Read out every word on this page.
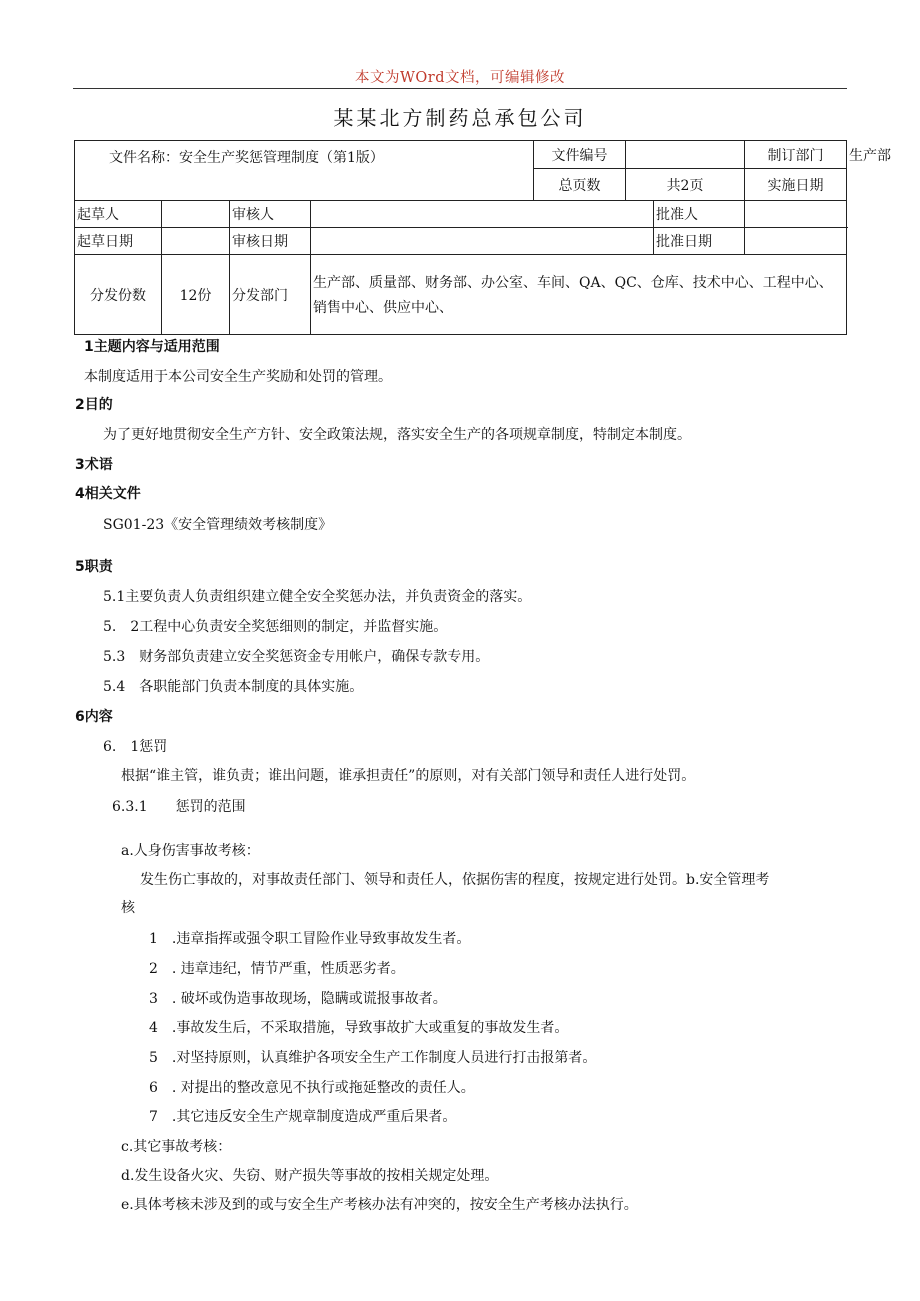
本文为WOrd文档，可编辑修改
某某北方制药总承包公司
文件名称：安全生产奖惩管理制度（第1版）				文件编号			制订部门	生产部
				总页数	共2页		实施日期	
起草人		审核人				批准人		
起草日期		审核日期				批准日期		
分发份数	12份	分发部门	生产部、质量部、财务部、办公室、车间、QA、QC、仓库、技术中心、工程中心、销售中心、供应中心、					
1主题内容与适用范围
本制度适用于本公司安全生产奖励和处罚的管理。
2目的
为了更好地贯彻安全生产方针、安全政策法规，落实安全生产的各项规章制度，特制定本制度。
3术语
4相关文件
SG01-23《安全管理绩效考核制度》
5职责
5.1主要负责人负责组织建立健全安全奖惩办法，并负责资金的落实。
5.　2工程中心负责安全奖惩细则的制定，并监督实施。
5.3　财务部负责建立安全奖惩资金专用帐户，确保专款专用。
5.4　各职能部门负责本制度的具体实施。
6内容
6.　1惩罚
根据“谁主管，谁负责；谁出问题，谁承担责任”的原则，对有关部门领导和责任人进行处罚。
6.3.1　　惩罚的范围
a.人身伤害事故考核：
发生伤亡事故的，对事故责任部门、领导和责任人，依据伤害的程度，按规定进行处罚。b.安全管理考
核
1　.违章指挥或强令职工冒险作业导致事故发生者。
2　. 违章违纪，情节严重，性质恶劣者。
3　. 破坏或伪造事故现场，隐瞒或谎报事故者。
4　.事故发生后，不采取措施，导致事故扩大或重复的事故发生者。
5　.对坚持原则，认真维护各项安全生产工作制度人员进行打击报第者。
6　. 对提出的整改意见不执行或拖延整改的责任人。
7　.其它违反安全生产规章制度造成严重后果者。
c.其它事故考核：
d.发生设备火灾、失窃、财产损失等事故的按相关规定处理。
e.具体考核未涉及到的或与安全生产考核办法有冲突的，按安全生产考核办法执行。
